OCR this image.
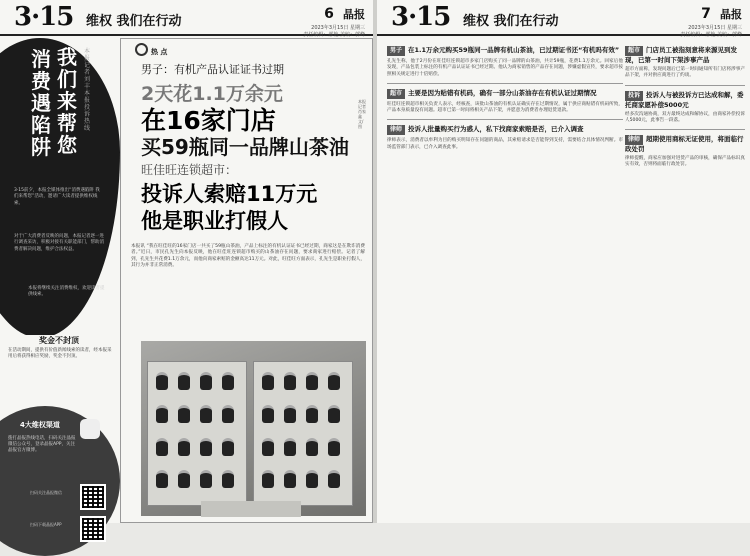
3·15 维权 我们在行动	6 晶报
2023年3月15日 星期三
责任编辑：郝艳 美编：郭峰
我们来帮您
消费遇陷阱
本报记者 刘丰 本报投诉热线
3·15前夕，本报全媒体推出“消费遇陷阱 我们来帮您”活动，邀请广大读者提供维权线索。
对于广大消费者反映的问题，本报记者逐一进行调查采访，积极对接有关职能部门，帮助消费者解决问题，维护合法权益。
本报将继续关注消费维权，欢迎读者提供线索。
奖金不封顶
在活动期间，提供有价值新闻线索的读者，经本报采用后将获得相应奖励，奖金不封顶。
4大维权渠道
拨打晶报热线电话，扫码关注晶报微信公众号，登录晶报APP，关注晶报官方微博。
扫码关注晶报微信
扫码下载晶报APP
热 点
男子：有机产品认证证书过期
2天花1.1万余元
在16家门店
买59瓶同一品牌山茶油
旺佳旺连锁超市：
投诉人索赔11万元
他是职业打假人
本报记者 肖家鑫 文/图
本报讯 “我在旺佳旺的16家门店一共买了59瓶山茶油，产品上标注的有机认证证书已经过期，商家这是在欺诈消费者。”近日，市民孔先生向本报反映，他在旺佳旺连锁超市购买的山茶油存在问题，要求商家进行赔偿。记者了解到，孔先生共花费1.1万余元，而他向商家索赔的金额高达11万元。对此，旺佳旺方面表示，孔先生是职业打假人，其行为并非正常消费。
3·15 维权 我们在行动	7 晶报
2023年3月15日 星期三
责任编辑：郝艳 美编：郭峰
男子 在1.1万余元购买59瓶同一品牌有机山茶油，已过期证书还“有机吗有效”
孔先生称，他于2月份在旺佳旺连锁超市多家门店购买了同一品牌的山茶油，共计59瓶，花费1.1万余元。回家后他发现，产品包装上标注的有机产品认证证书已经过期。他认为商家销售的产品存在问题，涉嫌虚假宣传，要求超市按照相关规定进行十倍赔偿。
超市 主要是因为贴错有机码，确有一部分山茶油存在有机认证过期情况
旺佳旺连锁超市相关负责人表示，经核查，该批山茶油的有机认证确实存在过期情况，属于供应商贴错有机码所致，产品本身质量没有问题。超市已第一时间将相关产品下架，并愿意为消费者办理退货退款。
律师 投诉人批量购买行为惑人，私下找商家索赔是否，已介入调查
律师表示，消费者以牟利为目的购买明知存在问题的商品，其索赔请求是否能得到支持，需要结合具体情况判断。市场监管部门表示，已介入调查此事。
超市 门店员工被指刻意将来源见到发现，已第一时间下架涉事产品
超市方面称，发现问题后已第一时间通知所有门店将涉事产品下架，并对供应商进行了约谈。
投诉 投诉人与被投诉方已达成和解，委托商家愿补偿5000元
经多次沟通协商，双方最终达成和解协议，由商家补偿投诉人5000元，此事告一段落。
律师 超期使用商标无证使用，将面临行政处罚
律师提醒，商家应加强对进货产品的审核，确保产品标识真实有效，否则将面临行政处罚。
